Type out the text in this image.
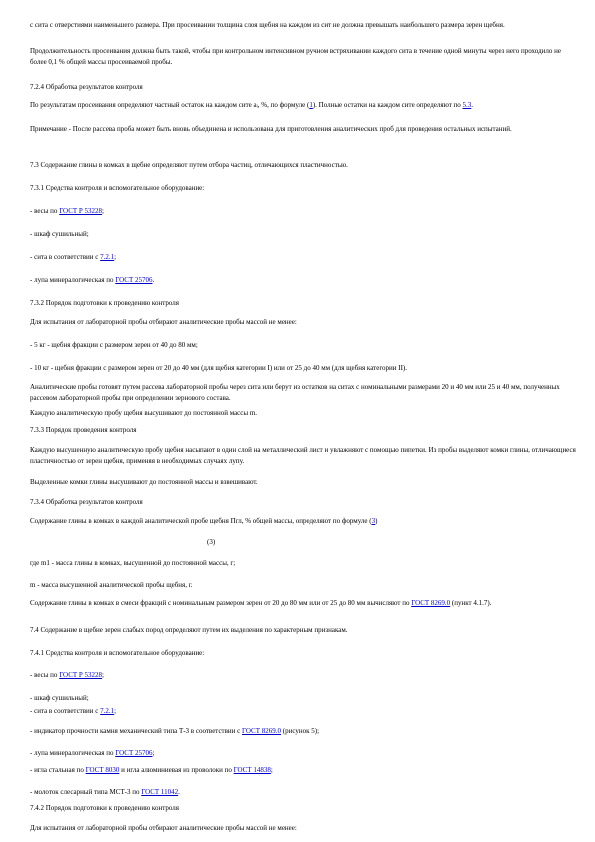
с сита с отверстиями наименьшего размера. При просеивании толщина слоя щебня на каждом из сит не должна превышать наибольшего размера зерен щебня.
Продолжительность просеивания должна быть такой, чтобы при контрольном интенсивном ручном встряхивании каждого сита в течение одной минуты через него проходило не более 0,1 % общей массы просеиваемой пробы.
7.2.4 Обработка результатов контроля
По результатам просеивания определяют частный остаток на каждом сите аᵢ, %, по формуле (1). Полные остатки на каждом сите определяют по 5.3.
Примечание - После рассева проба может быть вновь объединена и использована для приготовления аналитических проб для проведения остальных испытаний.
7.3 Содержание глины в комках в щебне определяют путем отбора частиц, отличающихся пластичностью.
7.3.1 Средства контроля и вспомогательное оборудование:
- весы по ГОСТ Р 53228;
- шкаф сушильный;
- сита в соответствии с 7.2.1;
- лупа минералогическая по ГОСТ 25706.
7.3.2 Порядок подготовки к проведению контроля
Для испытания от лабораторной пробы отбирают аналитические пробы массой не менее:
- 5 кг - щебня фракции с размером зерен от 40 до 80 мм;
- 10 кг - щебня фракции с размером зерен от 20 до 40 мм (для щебня категории I) или от 25 до 40 мм (для щебня категории II).
Аналитические пробы готовят путем рассева лабораторной пробы через сита или берут из остатков на ситах с номинальными размерами 20 и 40 мм или 25 и 40 мм, полученных рассевом лабораторной пробы при определении зернового состава.
Каждую аналитическую пробу щебня высушивают до постоянной массы m.
7.3.3 Порядок проведения контроля
Каждую высушенную аналитическую пробу щебня насыпают в один слой на металлический лист и увлажняют с помощью пипетки. Из пробы выделяют комки глины, отличающиеся пластичностью от зерен щебня, применяя в необходимых случаях лупу.
Выделенные комки глины высушивают до постоянной массы и взвешивают.
7.3.4 Обработка результатов контроля
Содержание глины в комках в каждой аналитической пробе щебня Пгл, % общей массы, определяют по формуле (3)
(3)
где m1 - масса глины в комках, высушенной до постоянной массы, г;
m - масса высушенной аналитической пробы щебня, г.
Содержание глины в комках в смеси фракций с номинальным размером зерен от 20 до 80 мм или от 25 до 80 мм вычисляют по ГОСТ 8269.0 (пункт 4.1.7).
7.4 Содержание в щебне зерен слабых пород определяют путем их выделения по характерным признакам.
7.4.1 Средства контроля и вспомогательное оборудование:
- весы по ГОСТ Р 53228;
- шкаф сушильный;
- сита в соответствии с 7.2.1;
- индикатор прочности камня механический типа Т-3 в соответствии с ГОСТ 8269.0 (рисунок 5);
- лупа минералогическая по ГОСТ 25706;
- игла стальная по ГОСТ 8030 и игла алюминиевая из проволоки по ГОСТ 14838;
- молоток слесарный типа МСТ-3 по ГОСТ 11042.
7.4.2 Порядок подготовки к проведению контроля
Для испытания от лабораторной пробы отбирают аналитические пробы массой не менее:
